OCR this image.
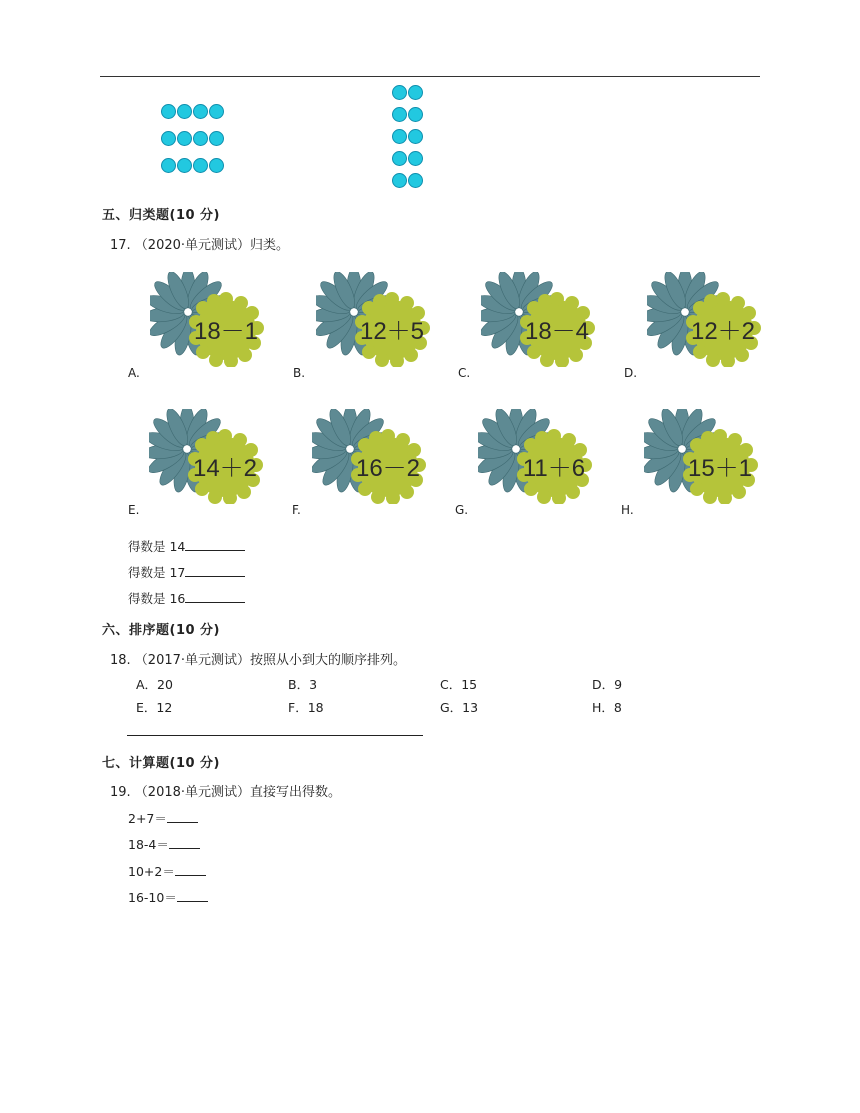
五、归类题(10 分)
17. （2020·单元测试）归类。
18－1
A.
12＋5
B.
18－4
C.
12＋2
D.
14＋2
E.
16－2
F.
11＋6
G.
15＋1
H.
得数是 14
得数是 17
得数是 16
六、排序题(10 分)
18. （2017·单元测试）按照从小到大的顺序排列。
A．20	B．3	C．15	D．9
E．12	F．18	G．13	H．8
七、计算题(10 分)
19. （2018·单元测试）直接写出得数。
2+7＝
18-4＝
10+2＝
16-10＝
